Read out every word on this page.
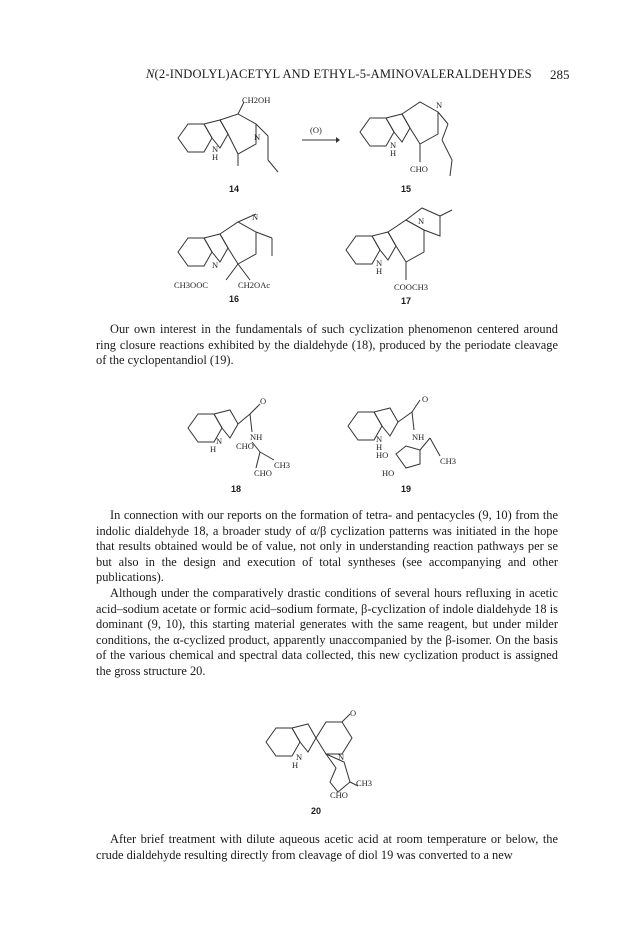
N(2-INDOLYL)ACETYL AND ETHYL-5-AMINOVALERALDEHYDES	285
CH2OH
N
N
H
(O)
N
N
H
CHO
14	15
N
N
CH3OOC	CH2OAc
N
N
H
COOCH3
16	17

Our own interest in the fundamentals of such cyclization phenomenon centered around ring closure reactions exhibited by the dialdehyde (18), produced by the periodate cleavage of the cyclopentandiol (19).

O
NH
CHO
N
H
CH3
CHO
O
NH
N
H
HO
HO
CH3
18	19

In connection with our reports on the formation of tetra- and pentacycles (9, 10) from the indolic dialdehyde 18, a broader study of α/β cyclization patterns was initiated in the hope that results obtained would be of value, not only in understanding reaction pathways per se but also in the design and execution of total syntheses (see accompanying and other publications).

Although under the comparatively drastic conditions of several hours refluxing in acetic acid–sodium acetate or formic acid–sodium formate, β-cyclization of indole dialdehyde 18 is dominant (9, 10), this starting material generates with the same reagent, but under milder conditions, the α-cyclized product, apparently unaccompanied by the β-isomer. On the basis of the various chemical and spectral data collected, this new cyclization product is assigned the gross structure 20.

O
N
N
H
CH3
CHO
20

After brief treatment with dilute aqueous acetic acid at room temperature or below, the crude dialdehyde resulting directly from cleavage of diol 19 was converted to a new
